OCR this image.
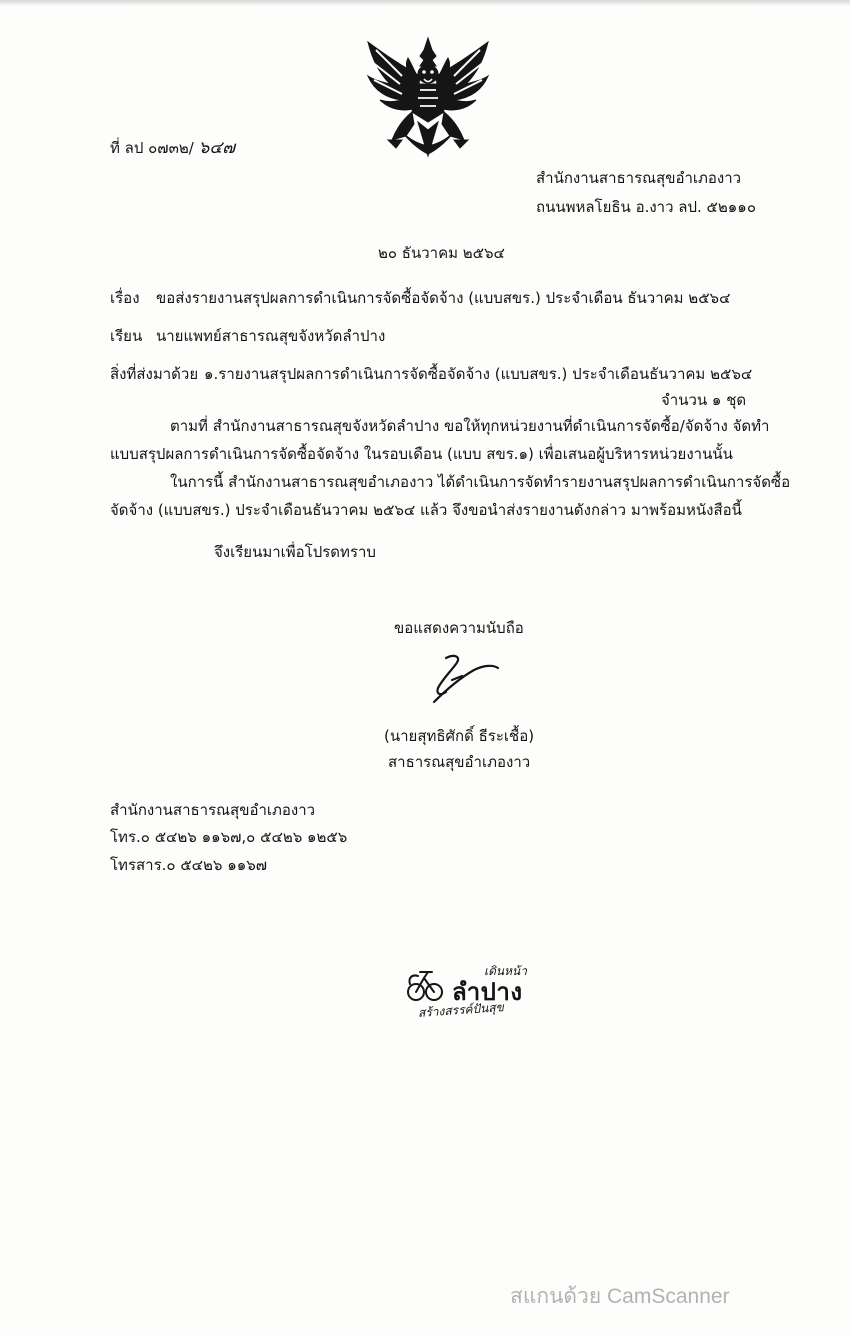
ที่ ลป ๐๗๓๒/ ๖๔๗
สำนักงานสาธารณสุขอำเภองาว
ถนนพหลโยธิน อ.งาว ลป. ๕๒๑๑๐
๒๐ ธันวาคม ๒๕๖๔
เรื่อง ขอส่งรายงานสรุปผลการดำเนินการจัดซื้อจัดจ้าง (แบบสขร.) ประจำเดือน ธันวาคม ๒๕๖๔
เรียน นายแพทย์สาธารณสุขจังหวัดลำปาง
สิ่งที่ส่งมาด้วย ๑.รายงานสรุปผลการดำเนินการจัดซื้อจัดจ้าง (แบบสขร.) ประจำเดือนธันวาคม ๒๕๖๔
จำนวน ๑ ชุด
ตามที่ สำนักงานสาธารณสุขจังหวัดลำปาง ขอให้ทุกหน่วยงานที่ดำเนินการจัดซื้อ/จัดจ้าง จัดทำ
แบบสรุปผลการดำเนินการจัดซื้อจัดจ้าง ในรอบเดือน (แบบ สขร.๑) เพื่อเสนอผู้บริหารหน่วยงานนั้น
ในการนี้ สำนักงานสาธารณสุขอำเภองาว ได้ดำเนินการจัดทำรายงานสรุปผลการดำเนินการจัดซื้อ
จัดจ้าง (แบบสขร.) ประจำเดือนธันวาคม ๒๕๖๔ แล้ว จึงขอนำส่งรายงานดังกล่าว มาพร้อมหนังสือนี้
จึงเรียนมาเพื่อโปรดทราบ
ขอแสดงความนับถือ
(นายสุทธิศักดิ์ ธีระเชื้อ)
สาธารณสุขอำเภองาว
สำนักงานสาธารณสุขอำเภองาว
โทร.๐ ๕๔๒๖ ๑๑๖๗,๐ ๕๔๒๖ ๑๒๕๖
โทรสาร.๐ ๕๔๒๖ ๑๑๖๗
เดินหน้า
ลำปาง
สร้างสรรค์ปันสุข
สแกนด้วย CamScanner
